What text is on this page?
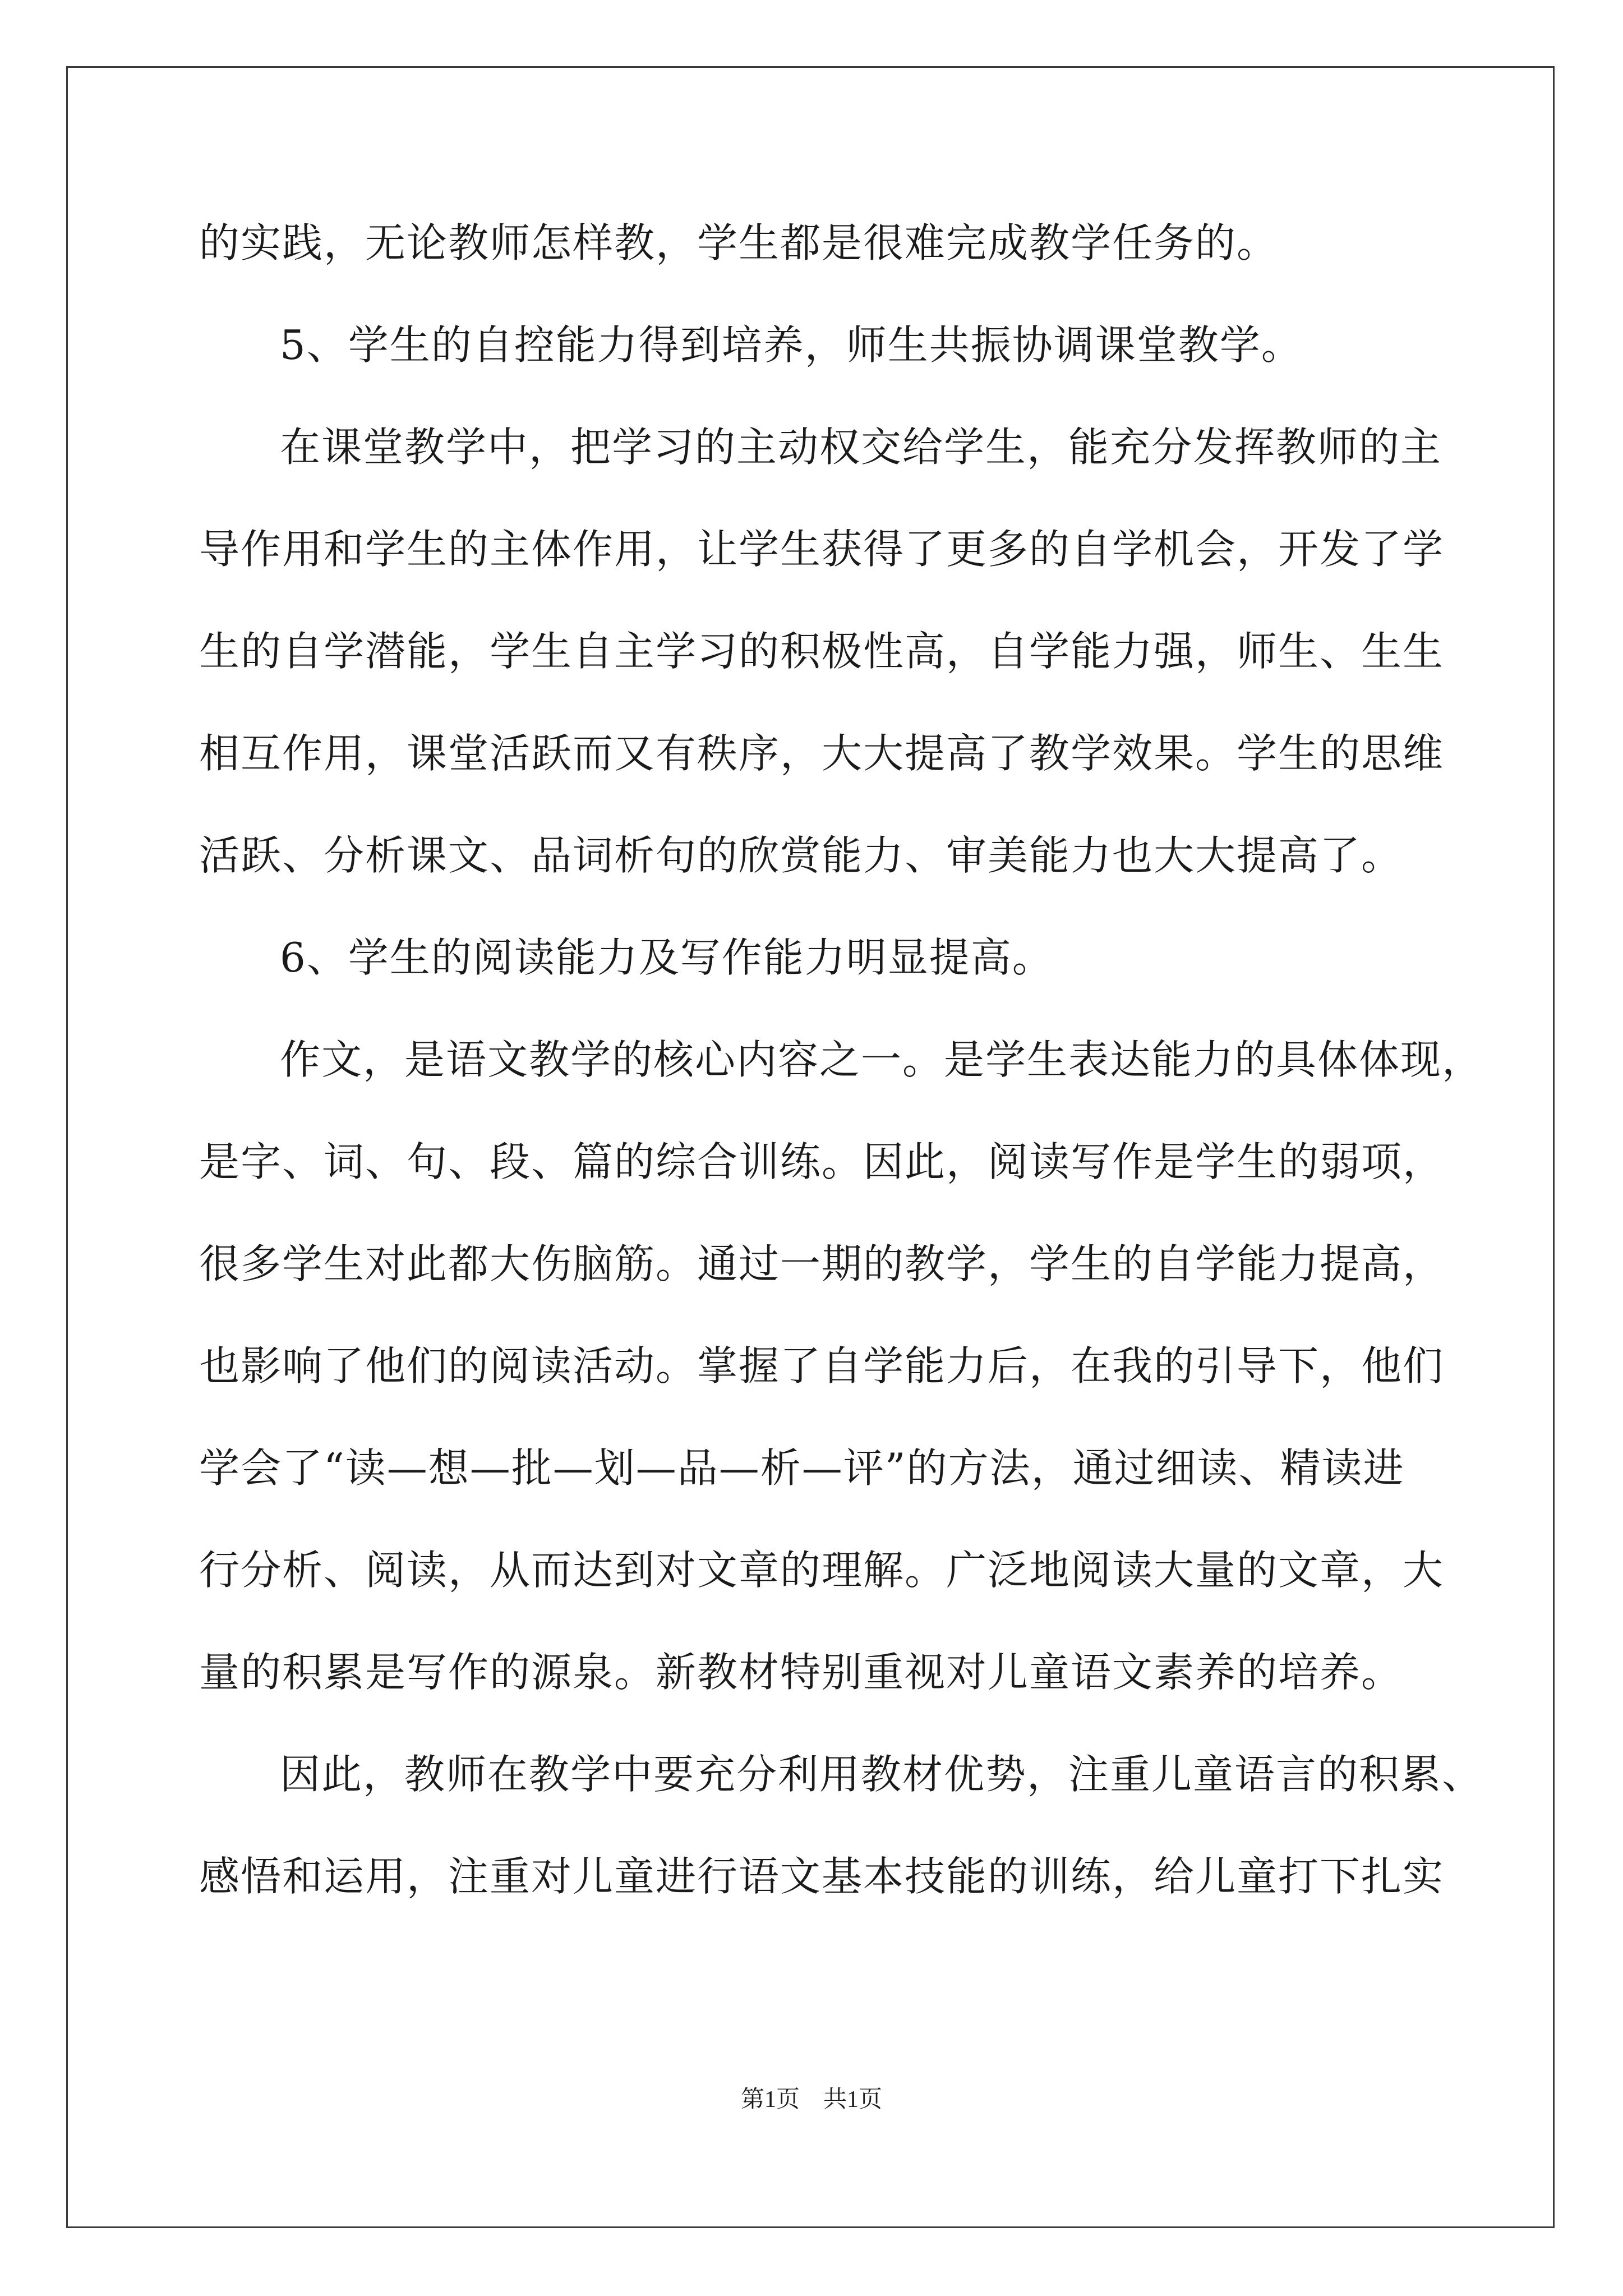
的实践，无论教师怎样教，学生都是很难完成教学任务的。
5、学生的自控能力得到培养，师生共振协调课堂教学。
在课堂教学中，把学习的主动权交给学生，能充分发挥教师的主
导作用和学生的主体作用，让学生获得了更多的自学机会，开发了学
生的自学潜能，学生自主学习的积极性高，自学能力强，师生、生生
相互作用，课堂活跃而又有秩序，大大提高了教学效果。学生的思维
活跃、分析课文、品词析句的欣赏能力、审美能力也大大提高了。
6、学生的阅读能力及写作能力明显提高。
作文，是语文教学的核心内容之一。是学生表达能力的具体体现，
是字、词、句、段、篇的综合训练。因此，阅读写作是学生的弱项，
很多学生对此都大伤脑筋。通过一期的教学，学生的自学能力提高，
也影响了他们的阅读活动。掌握了自学能力后，在我的引导下，他们
学会了“读—想—批—划—品—析—评”的方法，通过细读、精读进
行分析、阅读，从而达到对文章的理解。广泛地阅读大量的文章，大
量的积累是写作的源泉。新教材特别重视对儿童语文素养的培养。
因此，教师在教学中要充分利用教材优势，注重儿童语言的积累、
感悟和运用，注重对儿童进行语文基本技能的训练，给儿童打下扎实
第1页　共1页
